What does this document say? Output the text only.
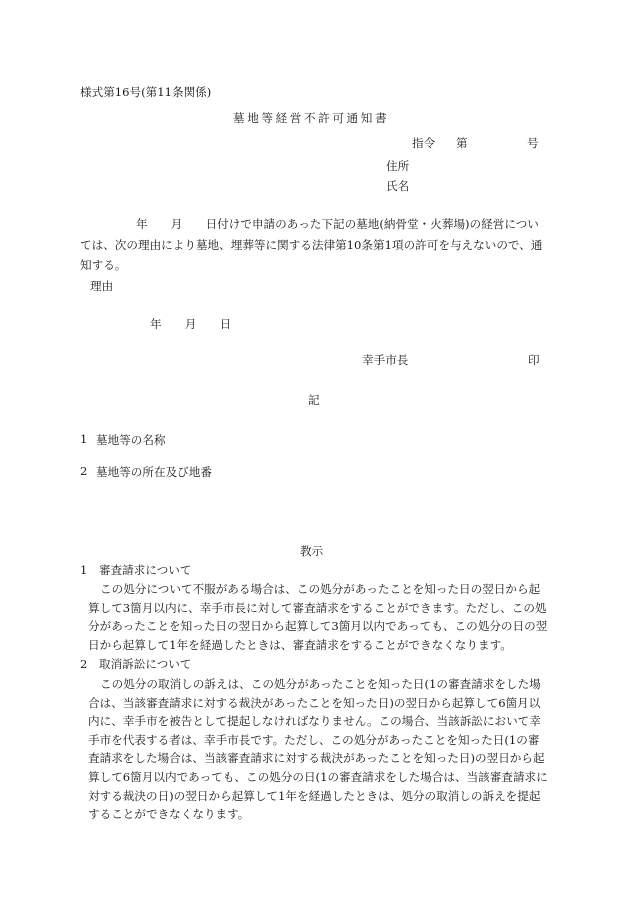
様式第16号(第11条関係)
墓地等経営不許可通知書
指令 第	号
住所
氏名
年　　月　　日付けで申請のあった下記の墓地(納骨堂・火葬場)の経営につい
ては、次の理由により墓地、埋葬等に関する法律第10条第1項の許可を与えないので、通
知する。
理由
年　　月　　日
幸手市長	印
記
1 墓地等の名称
2 墓地等の所在及び地番
教示
1　審査請求について
この処分について不服がある場合は、この処分があったことを知った日の翌日から起
算して3箇月以内に、幸手市長に対して審査請求をすることができます。ただし、この処
分があったことを知った日の翌日から起算して3箇月以内であっても、この処分の日の翌
日から起算して1年を経過したときは、審査請求をすることができなくなります。
2　取消訴訟について
この処分の取消しの訴えは、この処分があったことを知った日(1の審査請求をした場
合は、当該審査請求に対する裁決があったことを知った日)の翌日から起算して6箇月以
内に、幸手市を被告として提起しなければなりません。この場合、当該訴訟において幸
手市を代表する者は、幸手市長です。ただし、この処分があったことを知った日(1の審
査請求をした場合は、当該審査請求に対する裁決があったことを知った日)の翌日から起
算して6箇月以内であっても、この処分の日(1の審査請求をした場合は、当該審査請求に
対する裁決の日)の翌日から起算して1年を経過したときは、処分の取消しの訴えを提起
することができなくなります。
